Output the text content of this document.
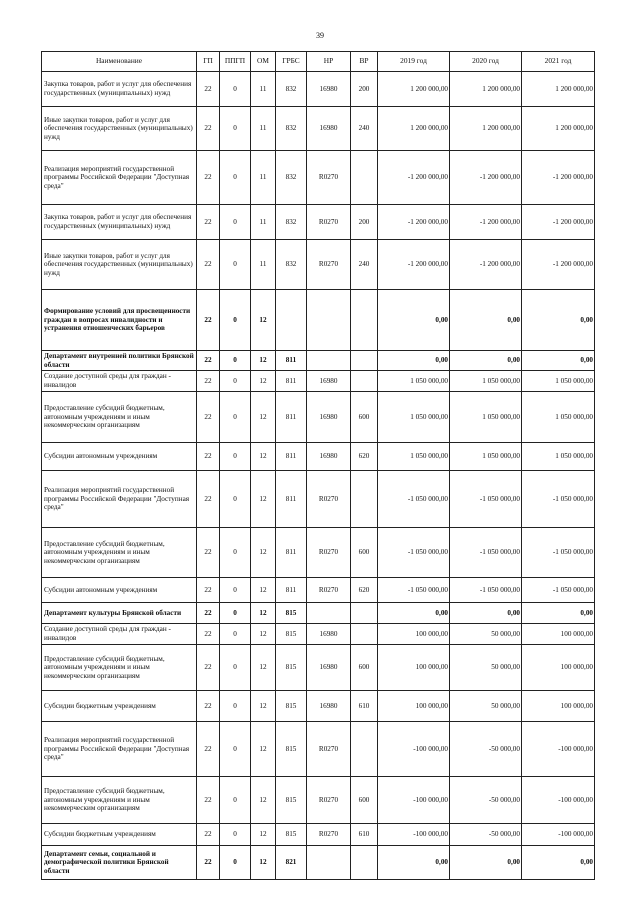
39
Наименование	ГП	ППГП	ОМ	ГРБС	НР	ВР	2019 год	2020 год	2021 год
Закупка товаров, работ и услуг для обеспечения государственных (муниципальных) нужд	22	0	11	832	16980	200	1 200 000,00	1 200 000,00	1 200 000,00
Иные закупки товаров, работ и услуг для обеспечения государственных (муниципальных) нужд	22	0	11	832	16980	240	1 200 000,00	1 200 000,00	1 200 000,00
Реализация мероприятий государственной программы Российской Федерации "Доступная среда"	22	0	11	832	R0270		-1 200 000,00	-1 200 000,00	-1 200 000,00
Закупка товаров, работ и услуг для обеспечения государственных (муниципальных) нужд	22	0	11	832	R0270	200	-1 200 000,00	-1 200 000,00	-1 200 000,00
Иные закупки товаров, работ и услуг для обеспечения государственных (муниципальных) нужд	22	0	11	832	R0270	240	-1 200 000,00	-1 200 000,00	-1 200 000,00
Формирование условий для просвещенности граждан в вопросах инвалидности и устранения отношенческих барьеров	22	0	12				0,00	0,00	0,00
Департамент внутренней политики Брянской области	22	0	12	811			0,00	0,00	0,00
Создание доступной среды для граждан - инвалидов	22	0	12	811	16980		1 050 000,00	1 050 000,00	1 050 000,00
Предоставление субсидий бюджетным, автономным учреждениям и иным некоммерческим организациям	22	0	12	811	16980	600	1 050 000,00	1 050 000,00	1 050 000,00
Субсидии автономным учреждениям	22	0	12	811	16980	620	1 050 000,00	1 050 000,00	1 050 000,00
Реализация мероприятий государственной программы Российской Федерации "Доступная среда"	22	0	12	811	R0270		-1 050 000,00	-1 050 000,00	-1 050 000,00
Предоставление субсидий бюджетным, автономным учреждениям и иным некоммерческим организациям	22	0	12	811	R0270	600	-1 050 000,00	-1 050 000,00	-1 050 000,00
Субсидии автономным учреждениям	22	0	12	811	R0270	620	-1 050 000,00	-1 050 000,00	-1 050 000,00
Департамент культуры Брянской области	22	0	12	815			0,00	0,00	0,00
Создание доступной среды для граждан - инвалидов	22	0	12	815	16980		100 000,00	50 000,00	100 000,00
Предоставление субсидий бюджетным, автономным учреждениям и иным некоммерческим организациям	22	0	12	815	16980	600	100 000,00	50 000,00	100 000,00
Субсидии бюджетным учреждениям	22	0	12	815	16980	610	100 000,00	50 000,00	100 000,00
Реализация мероприятий государственной программы Российской Федерации "Доступная среда"	22	0	12	815	R0270		-100 000,00	-50 000,00	-100 000,00
Предоставление субсидий бюджетным, автономным учреждениям и иным некоммерческим организациям	22	0	12	815	R0270	600	-100 000,00	-50 000,00	-100 000,00
Субсидии бюджетным учреждениям	22	0	12	815	R0270	610	-100 000,00	-50 000,00	-100 000,00
Департамент семьи, социальной и демографической политики Брянской области	22	0	12	821			0,00	0,00	0,00
